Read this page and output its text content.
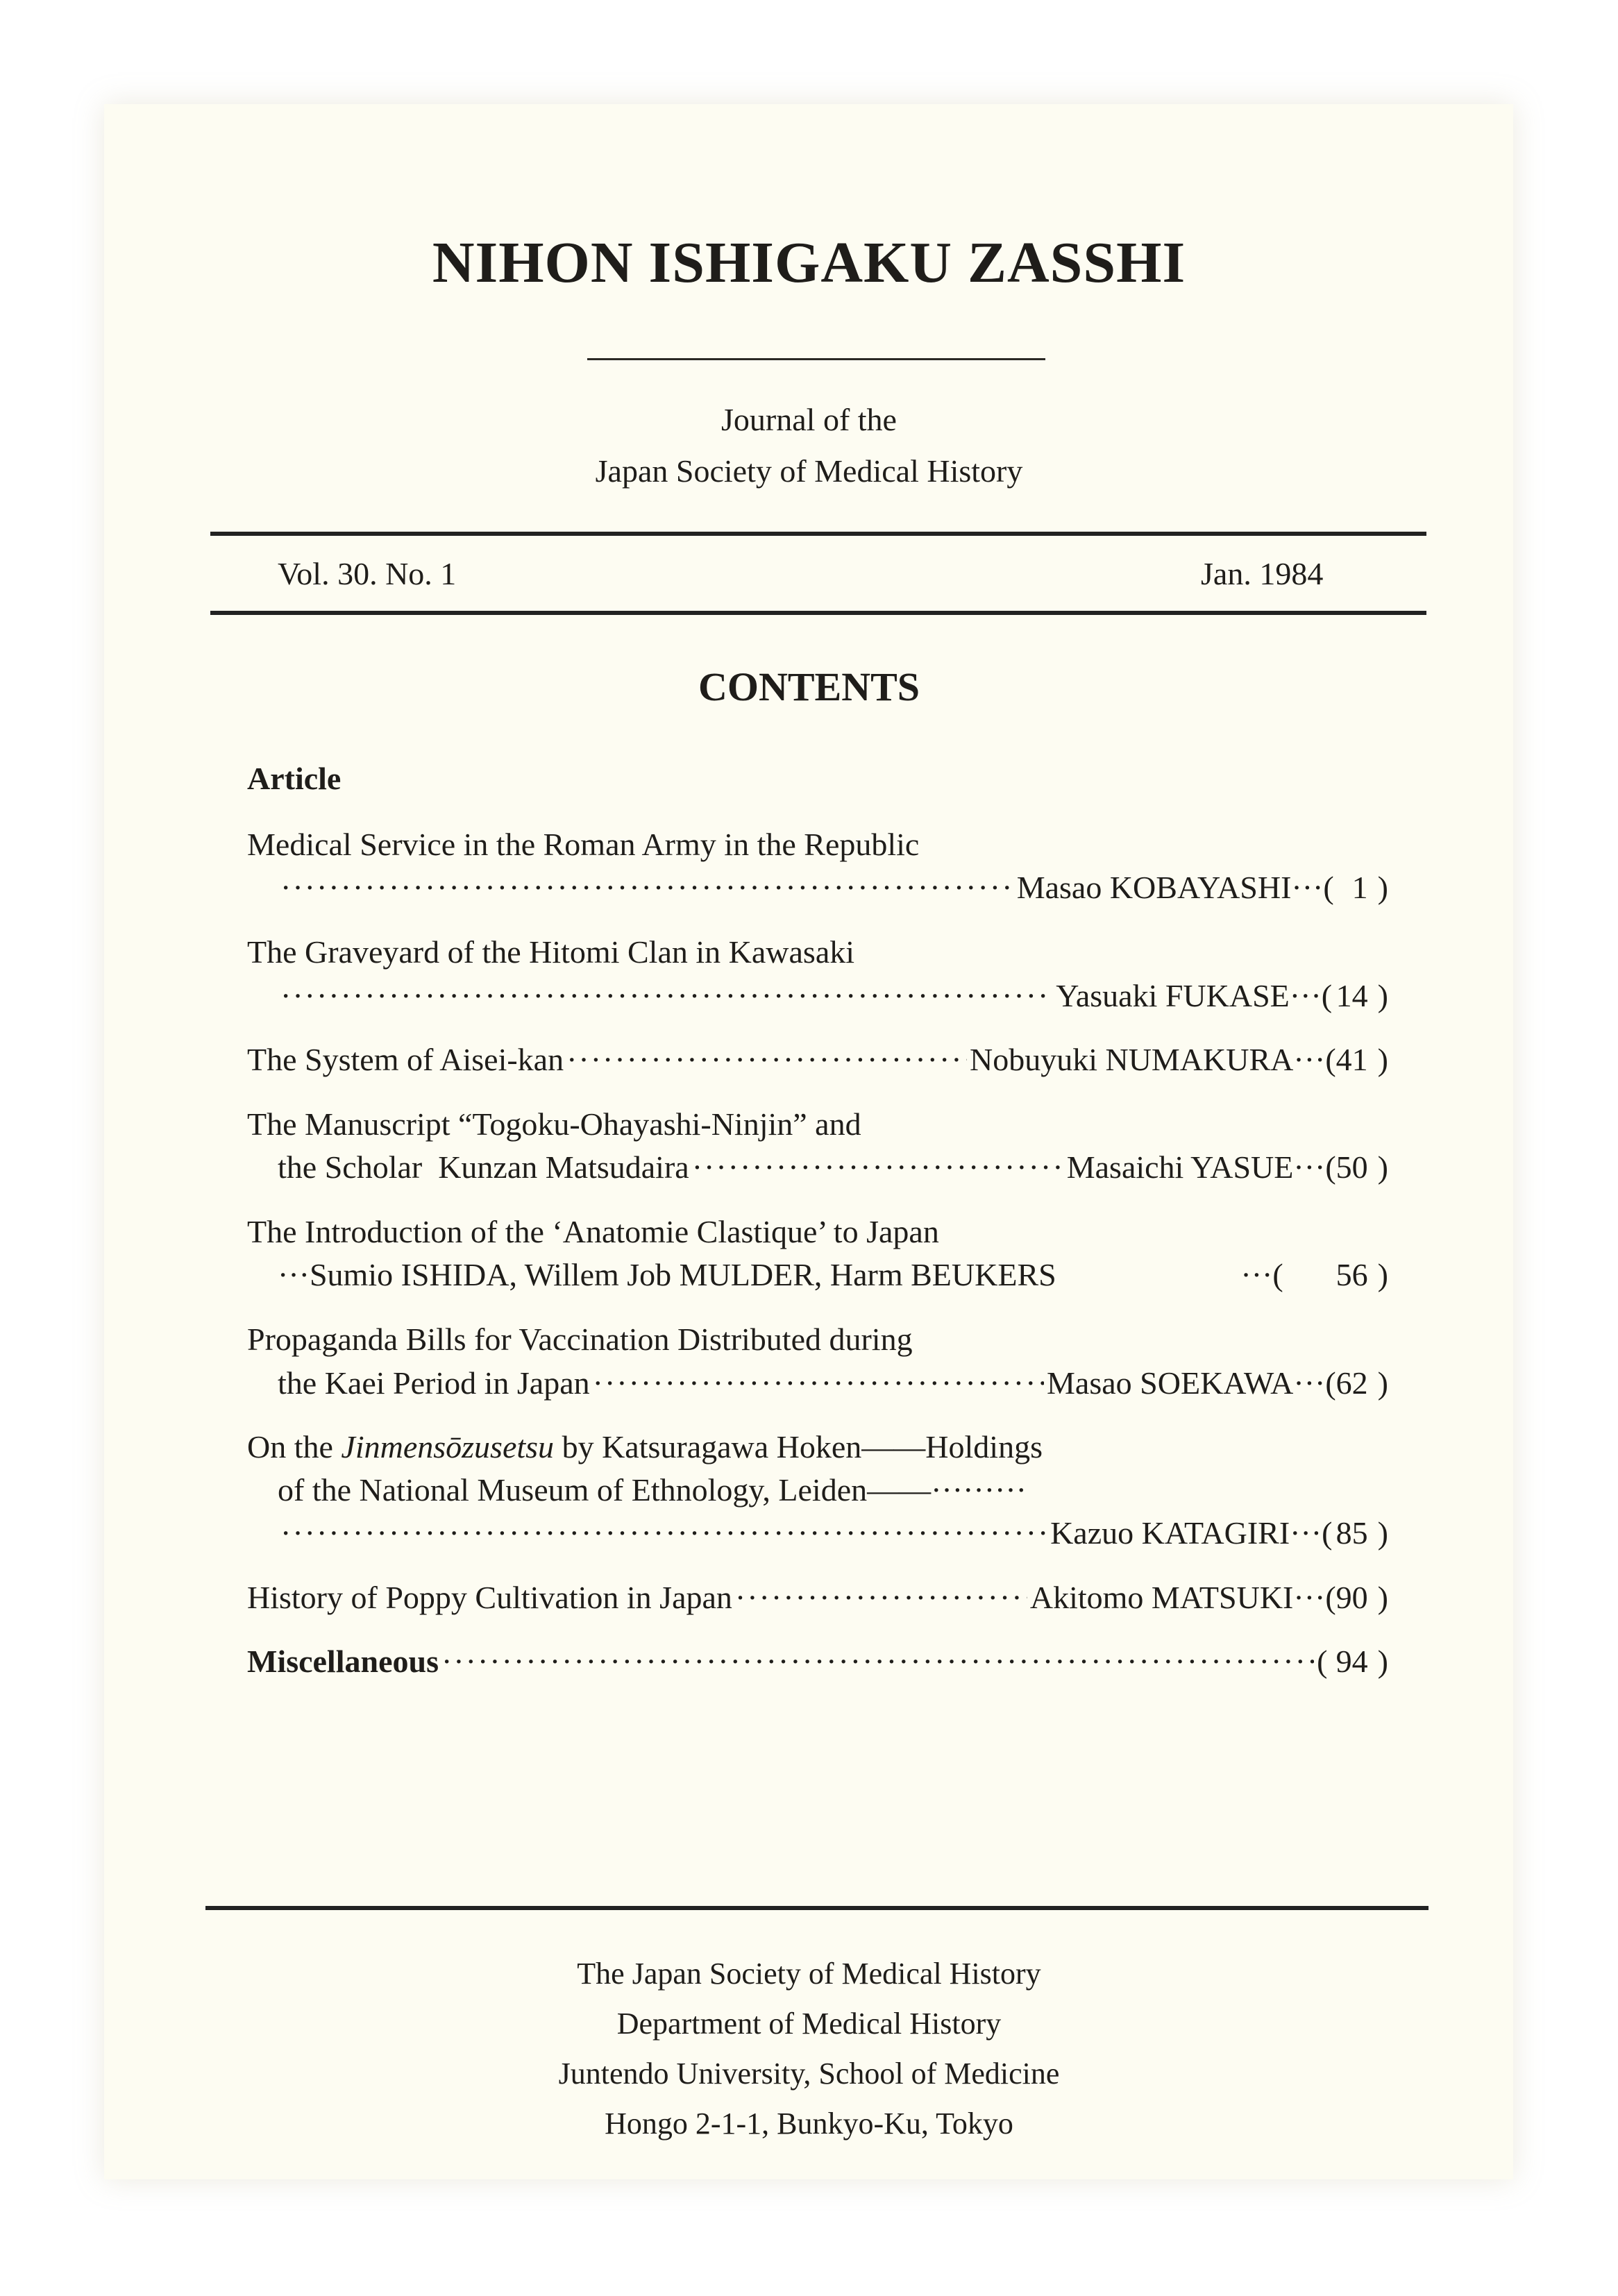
NIHON ISHIGAKU ZASSHI
Journal of the
Japan Society of Medical History
Vol. 30. No. 1	Jan. 1984
CONTENTS
Article
Medical Service in the Roman Army in the Republic
·····
Masao KOBAYASHI ··· ( 1 )
The Graveyard of the Hitomi Clan in Kawasaki
·····
Yasuaki FUKASE ··· ( 14 )
The System of Aisei-kan ·····	Nobuyuki NUMAKURA ··· ( 41 )
The Manuscript “Togoku-Ohayashi-Ninjin” and
the Scholar  Kunzan Matsudaira ·····	Masaichi YASUE ··· ( 50 )
The Introduction of the ‘Anatomie Clastique’ to Japan
··· Sumio ISHIDA, Willem Job MULDER, Harm BEUKERS	··· (	56 )
Propaganda Bills for Vaccination Distributed during
the Kaei Period in Japan ·····	Masao SOEKAWA ··· ( 62 )
On the Jinmensōzusetsu by Katsuragawa Hoken——Holdings
of the National Museum of Ethnology, Leiden——·········
·····
Kazuo KATAGIRI ··· ( 85 )
History of Poppy Cultivation in Japan ·····	Akitomo MATSUKI ··· ( 90 )
Miscellaneous ·····	( 94 )
The Japan Society of Medical History
Department of Medical History
Juntendo University, School of Medicine
Hongo 2-1-1, Bunkyo-Ku, Tokyo
